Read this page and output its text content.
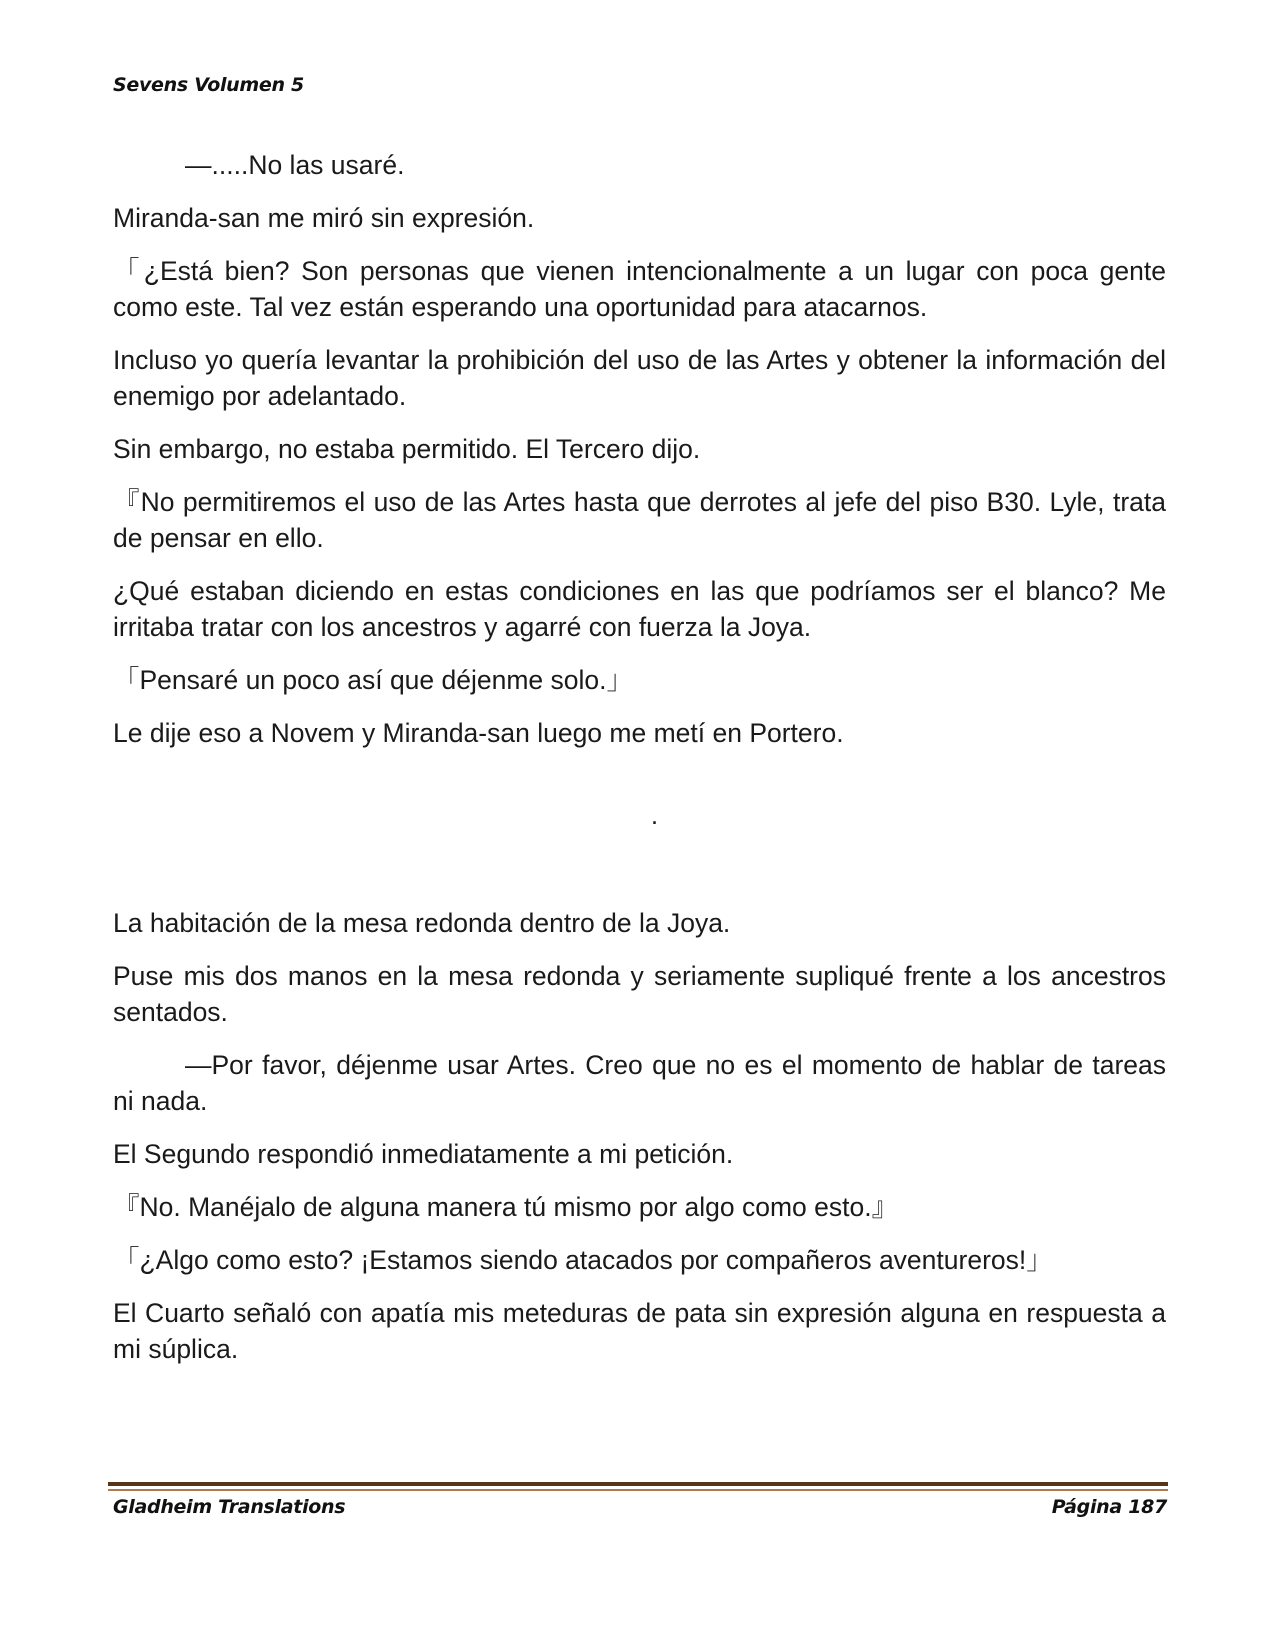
Sevens Volumen 5

—.....No las usaré.

Miranda-san me miró sin expresión.

「¿Está bien? Son personas que vienen intencionalmente a un lugar con poca gente como este. Tal vez están esperando una oportunidad para atacarnos.

Incluso yo quería levantar la prohibición del uso de las Artes y obtener la información del enemigo por adelantado.

Sin embargo, no estaba permitido. El Tercero dijo.

『No permitiremos el uso de las Artes hasta que derrotes al jefe del piso B30. Lyle, trata de pensar en ello.

¿Qué estaban diciendo en estas condiciones en las que podríamos ser el blanco? Me irritaba tratar con los ancestros y agarré con fuerza la Joya.

「Pensaré un poco así que déjenme solo.」

Le dije eso a Novem y Miranda-san luego me metí en Portero.

.

La habitación de la mesa redonda dentro de la Joya.

Puse mis dos manos en la mesa redonda y seriamente supliqué frente a los ancestros sentados.

—Por favor, déjenme usar Artes. Creo que no es el momento de hablar de tareas ni nada.

El Segundo respondió inmediatamente a mi petición.

『No. Manéjalo de alguna manera tú mismo por algo como esto.』

「¿Algo como esto? ¡Estamos siendo atacados por compañeros aventureros!」

El Cuarto señaló con apatía mis meteduras de pata sin expresión alguna en respuesta a mi súplica.

Gladheim Translations	Página 187
